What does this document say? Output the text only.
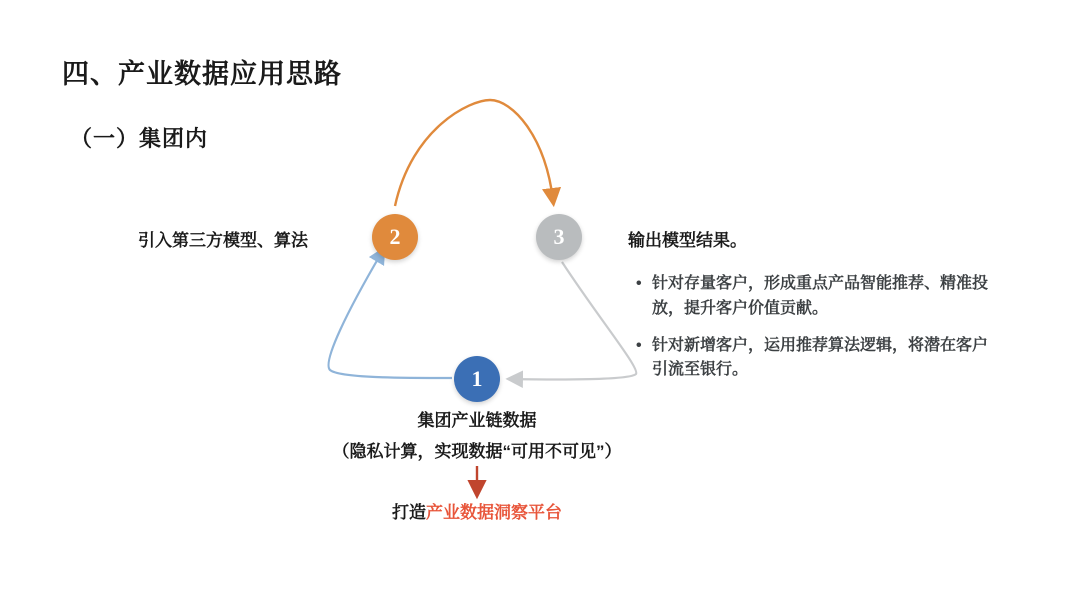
四、产业数据应用思路
（一）集团内
1
2	3
引入第三方模型、算法
集团产业链数据
（隐私计算，实现数据“可用不可见”）
打造产业数据洞察平台
输出模型结果。
• 针对存量客户，形成重点产品智能推荐、精准投放，提升客户价值贡献。
• 针对新增客户，运用推荐算法逻辑，将潜在客户引流至银行。
